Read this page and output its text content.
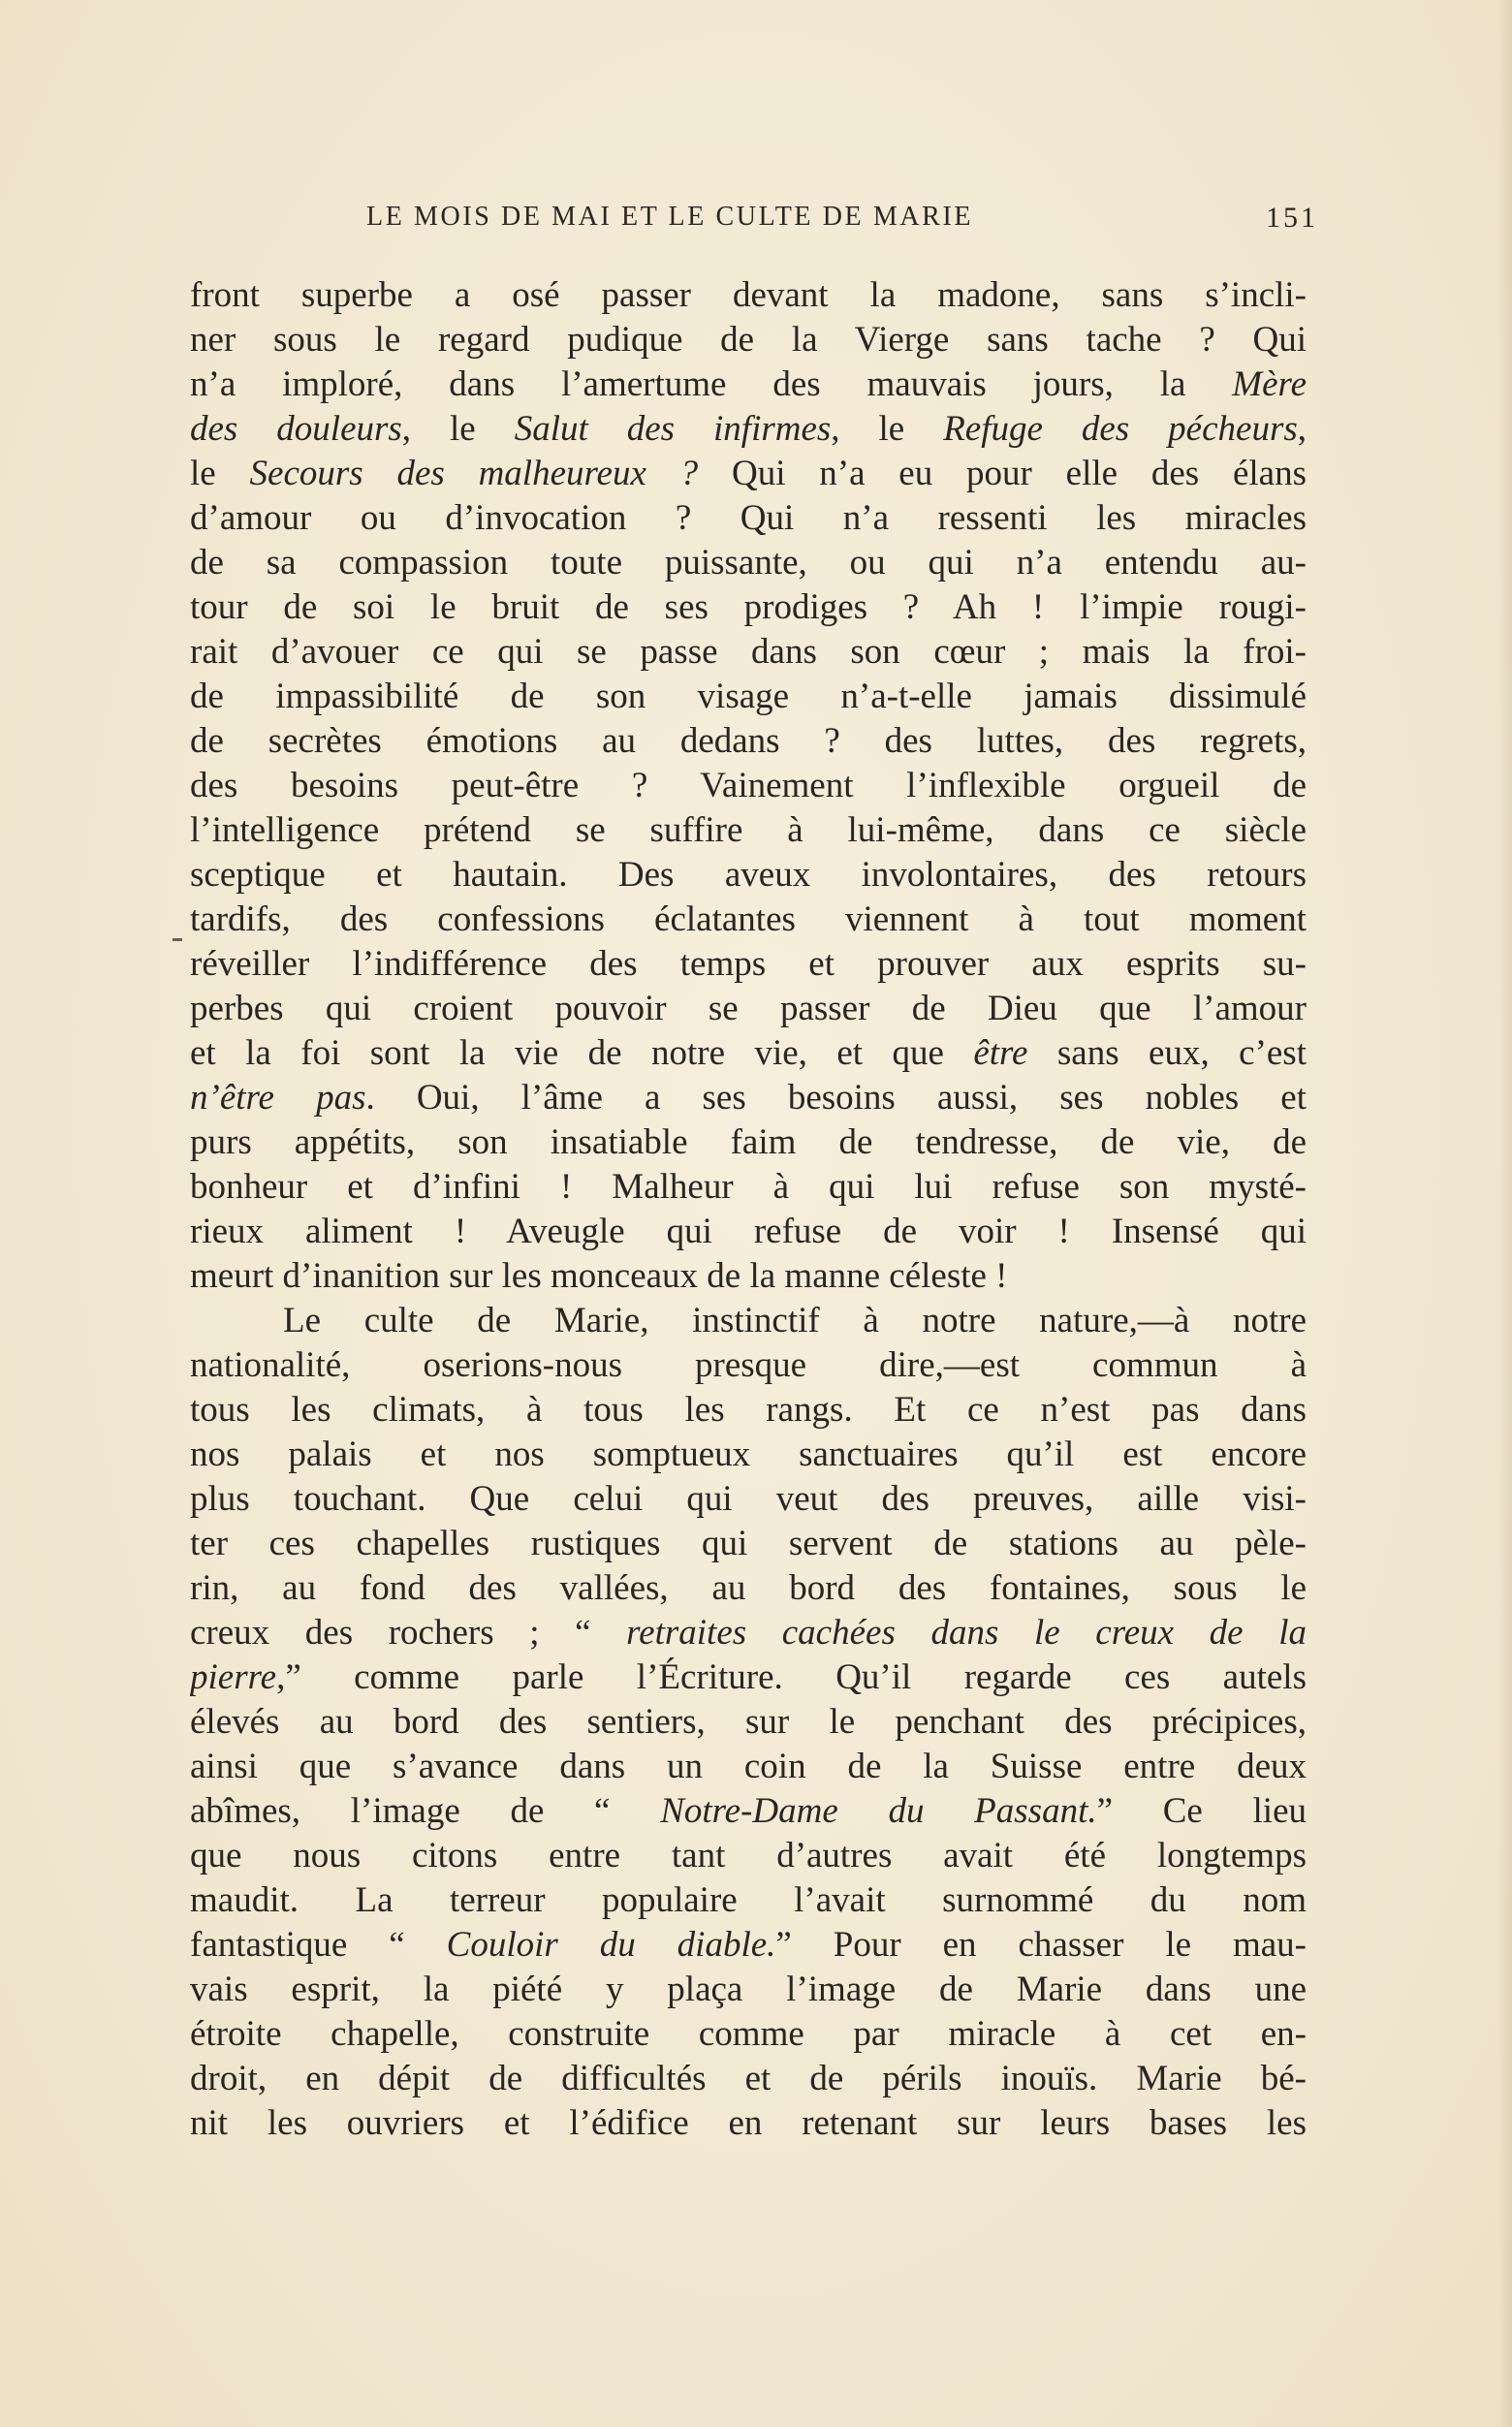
LE MOIS DE MAI ET LE CULTE DE MARIE	151
front superbe a osé passer devant la madone, sans s’incli-
ner sous le regard pudique de la Vierge sans tache ? Qui
n’a imploré, dans l’amertume des mauvais jours, la Mère
des douleurs, le Salut des infirmes, le Refuge des pécheurs,
le Secours des malheureux ? Qui n’a eu pour elle des élans
d’amour ou d’invocation ? Qui n’a ressenti les miracles
de sa compassion toute puissante, ou qui n’a entendu au-
tour de soi le bruit de ses prodiges ? Ah ! l’impie rougi-
rait d’avouer ce qui se passe dans son cœur ; mais la froi-
de impassibilité de son visage n’a-t-elle jamais dissimulé
de secrètes émotions au dedans ? des luttes, des regrets,
des besoins peut-être ? Vainement l’inflexible orgueil de
l’intelligence prétend se suffire à lui-même, dans ce siècle
sceptique et hautain. Des aveux involontaires, des retours
tardifs, des confessions éclatantes viennent à tout moment
réveiller l’indifférence des temps et prouver aux esprits su-
perbes qui croient pouvoir se passer de Dieu que l’amour
et la foi sont la vie de notre vie, et que être sans eux, c’est
n’être pas. Oui, l’âme a ses besoins aussi, ses nobles et
purs appétits, son insatiable faim de tendresse, de vie, de
bonheur et d’infini ! Malheur à qui lui refuse son mysté-
rieux aliment ! Aveugle qui refuse de voir ! Insensé qui
meurt d’inanition sur les monceaux de la manne céleste !
Le culte de Marie, instinctif à notre nature,—à notre
nationalité, oserions-nous presque dire,—est commun à
tous les climats, à tous les rangs. Et ce n’est pas dans
nos palais et nos somptueux sanctuaires qu’il est encore
plus touchant. Que celui qui veut des preuves, aille visi-
ter ces chapelles rustiques qui servent de stations au pèle-
rin, au fond des vallées, au bord des fontaines, sous le
creux des rochers ; “ retraites cachées dans le creux de la
pierre,” comme parle l’Écriture. Qu’il regarde ces autels
élevés au bord des sentiers, sur le penchant des précipices,
ainsi que s’avance dans un coin de la Suisse entre deux
abîmes, l’image de “ Notre-Dame du Passant.” Ce lieu
que nous citons entre tant d’autres avait été longtemps
maudit. La terreur populaire l’avait surnommé du nom
fantastique “ Couloir du diable.” Pour en chasser le mau-
vais esprit, la piété y plaça l’image de Marie dans une
étroite chapelle, construite comme par miracle à cet en-
droit, en dépit de difficultés et de périls inouïs. Marie bé-
nit les ouvriers et l’édifice en retenant sur leurs bases les
